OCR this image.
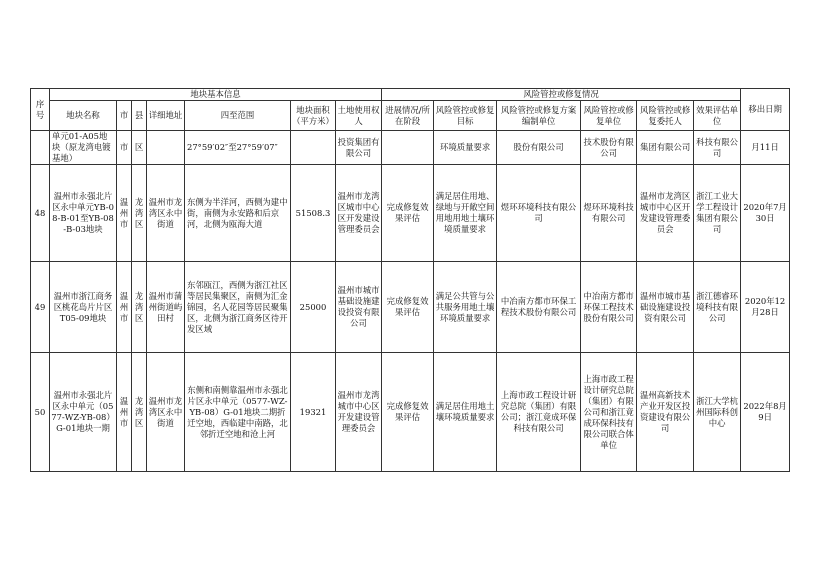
序号	地块基本信息							风险管控或修复情况						移出日期
	地块名称	市	县	详细地址	四至范围	地块面积（平方米）	土地使用权人	进展情况/所在阶段	风险管控或修复目标	风险管控或修复方案编制单位	风险管控或修复单位	风险管控或修复委托人	效果评估单位	
	单元01-A05地块（原龙湾电镀基地）	市	区		27°59′02″至27°59′07″		投资集团有限公司		环境质量要求	股份有限公司	技术股份有限公司	集团有限公司	科技有限公司	月11日
48	温州市永强北片区永中单元YB-08-B-01至YB-08-B-03地块	温州市	龙湾区	温州市龙湾区永中街道	东侧为半洋河，西侧为建中街，南侧为永安路和后京河，北侧为瓯海大道	51508.3	温州市龙湾区城市中心区开发建设管理委员会	完成修复效果评估	满足居住用地、绿地与开敞空间用地用地土壤环境质量要求	煜环环境科技有限公司	煜环环境科技有限公司	温州市龙湾区城市中心区开发建设管理委员会	浙江工业大学工程设计集团有限公司	2020年7月30日
49	温州市浙江商务区桃花岛片片区T05-09地块	温州市	龙湾区	温州市蒲州街道屿田村	东邻瓯江，西侧为浙江社区等居民集聚区，南侧为汇金锦园，名人花园等居民聚集区，北侧为浙江商务区待开发区域	25000	温州市城市基础设施建设投资有限公司	完成修复效果评估	满足公共管与公共服务用地土壤环境质量要求	中冶南方都市环保工程技术股份有限公司	中冶南方都市环保工程技术股份有限公司	温州市城市基础设施建设投资有限公司	浙江德睿环境科技有限公司	2020年12月28日
50	温州市永强北片区永中单元（0577-WZ-YB-08）G-01地块一期	温州市	龙湾区	温州市龙湾区永中街道	东侧和南侧靠温州市永强北片区永中单元（0577-WZ-YB-08）G-01地块二期折迁空地，西临建中南路，北邻折迁空地和沧上河	19321	温州市龙湾城市中心区开发建设管理委员会	完成修复效果评估	满足居住用地土壤环境质量要求	上海市政工程设计研究总院（集团）有限公司；浙江竟成环保科技有限公司	上海市政工程设计研究总院（集团）有限公司和浙江竟成环保科技有限公司联合体单位	温州高新技术产业开发区投资建设有限公司	浙江大学杭州国际科创中心	2022年8月9日
